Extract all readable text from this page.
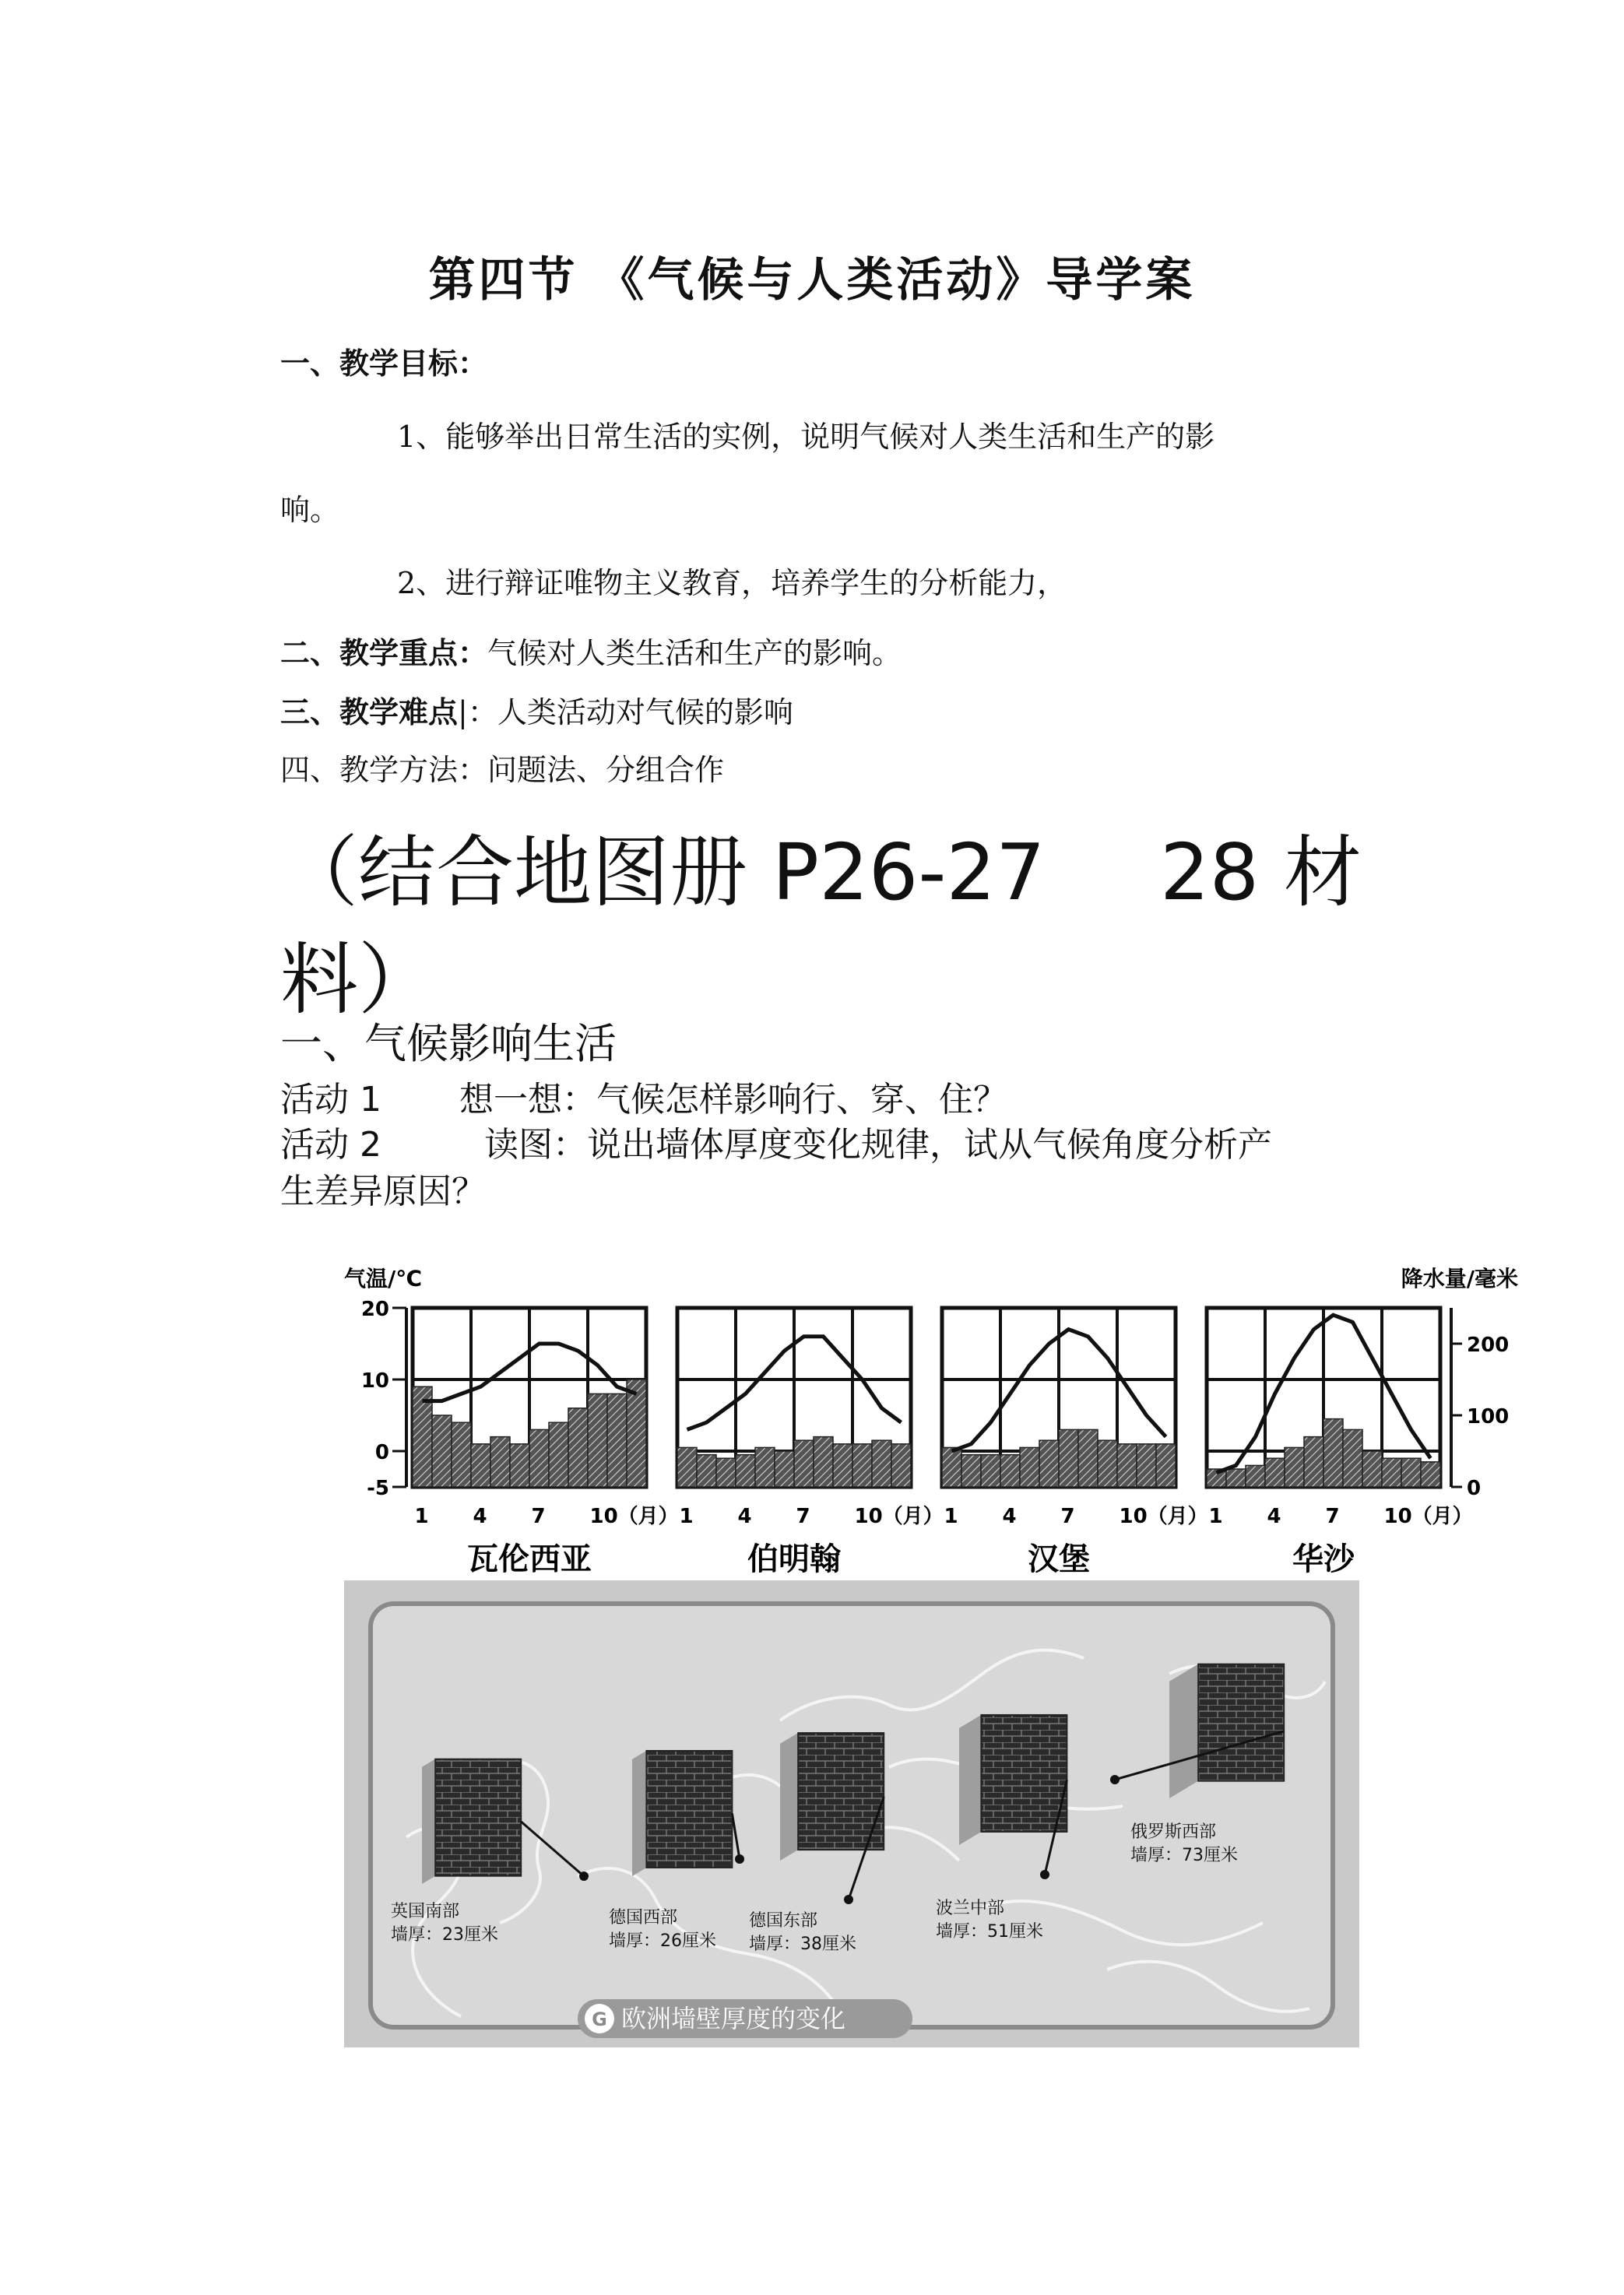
第四节 《气候与人类活动》导学案
一、教学目标：
1、能够举出日常生活的实例，说明气候对人类生活和生产的影
响。
2、进行辩证唯物主义教育，培养学生的分析能力，
二、教学重点：气候对人类生活和生产的影响。
三、教学难点|：人类活动对气候的影响
四、教学方法：问题法、分组合作
（结合地图册 P26-27 28 材
料）
一、气候影响生活
活动 1 想一想：气候怎样影响行、穿、住？
活动 2	读图：说出墙体厚度变化规律，试从气候角度分析产
生差异原因？
气温/℃	降水量/毫米
20
10
0
-5
200
100
0
1 4 7 10（月）
瓦伦西亚
1 4 7 10（月）
伯明翰
1 4 7 10（月）
汉堡
1 4 7 10（月）
华沙
英国南部
墙厚：23厘米
德国西部
墙厚：26厘米
德国东部
墙厚：38厘米
波兰中部
墙厚：51厘米
俄罗斯西部
墙厚：73厘米
G 欧洲墙壁厚度的变化
